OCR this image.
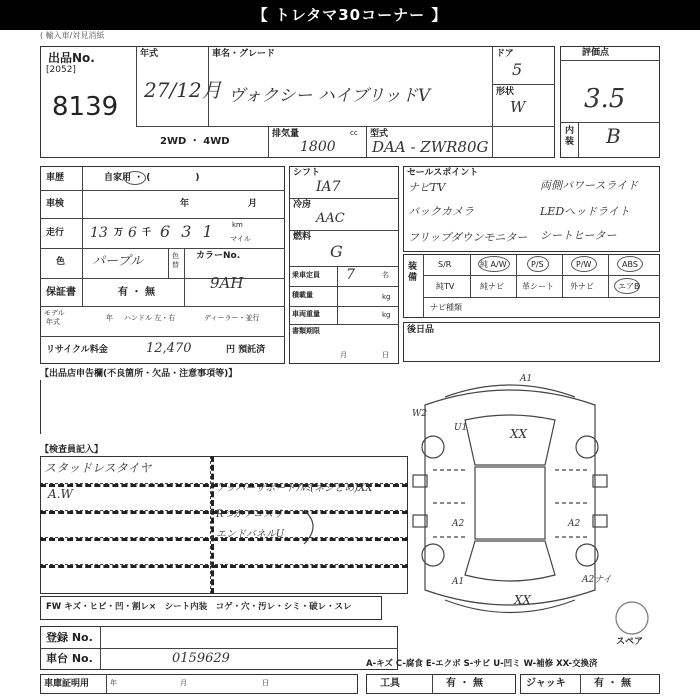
【 トレタマ30コーナー 】
( 輸入車/対見消紙
出品No.
[2052]
8139
年式
27/12月
車名・グレード
ヴォクシー ハイブリッドV
ドア
5
形状
W
2WD ・ 4WD
排気量	cc
1800
型式
DAA - ZWR80G
評価点
3.5
内装 B
車歴	自家用 ・ (　　　　　)
車検	年	月
走行 13 万 6 千 6 3 1 km
マイル
色 パープル	色替
カラーNo.
9AH
保証書	有 ・ 無
モデル
年式	年 ハンドル 左・右	ディーラー・並行
リサイクル料金	12,470	円 預託済
シフト
IA7
冷房
AAC
燃料
G
乗車定員 7	名
積載量	kg
車両重量	kg
書類期限
月	日
セールスポイント
ナビTV	両側パワースライド
バックカメラ	LEDヘッドライト
フリップダウンモニター シートヒーター
装備
S/R	純 A/W	P/S	P/W	ABS
純TV	純ナビ 革シート 外ナビ	エアB
ナビ種類
後日品
【出品店申告欄(不良箇所・欠品・注意事項等)】
【検査員記入】
スタッドレスタイヤ
A.W	アッパーサポートｱﾙﾐ(ネジとめ)XX
Rつかアコスリ
エンドパネルU
FW キズ・ヒビ・凹・割レ×　シート内装　コゲ・穴・汚レ・シミ・破レ・スレ
登録 No.
車台 No.	0159629
車庫証明用	年	月	日
A-キズ C-腐食 E-エクボ S-サビ U-凹ミ W-補修 XX-交換済
工具	有 ・ 無	ジャッキ	有 ・ 無
スペア
A1
W2
U1	XX
A2	A2
A1	A2ナイ
XX
